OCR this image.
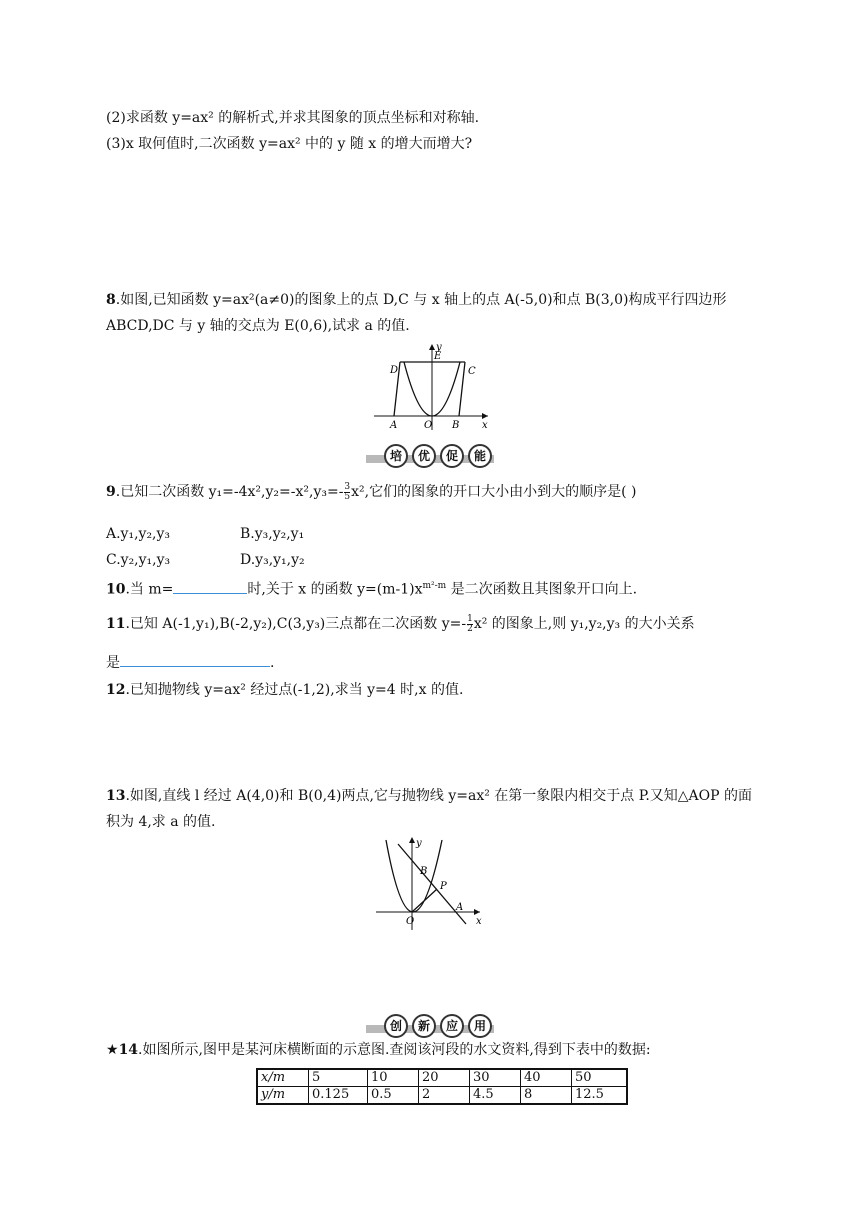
(2)求函数 y=ax² 的解析式,并求其图象的顶点坐标和对称轴.
(3)x 取何值时,二次函数 y=ax² 中的 y 随 x 的增大而增大?
8.如图,已知函数 y=ax²(a≠0)的图象上的点 D,C 与 x 轴上的点 A(-5,0)和点 B(3,0)构成平行四边形
ABCD,DC 与 y 轴的交点为 E(0,6),试求 a 的值.
y
x
A	O B
C
D
E
培	优	促	能
9.已知二次函数 $y_1=-4x^2,y_2=-x^2,y_3=- \frac{3}{5} x^2$,它们的图象的开口大小由小到大的顺序是( )
A.y₁,y₂,y₃	B.y₃,y₂,y₁
C.y₂,y₁,y₃	D.y₃,y₁,y₂
10.当 m=	时,关于 x 的函数 $y=(m-1)x^{m^2-m}$ 是二次函数且其图象开口向上.
11.已知 A(-1,y₁),B(-2,y₂),C(3,y₃)三点都在二次函数 $y=- \frac{1}{2} x^2$ 的图象上,则 y₁,y₂,y₃ 的大小关系
是	.
12.已知抛物线 y=ax² 经过点(-1,2),求当 y=4 时,x 的值.
13.如图,直线 l 经过 A(4,0)和 B(0,4)两点,它与抛物线 y=ax² 在第一象限内相交于点 P.又知△AOP 的面
积为 4,求 a 的值.
y
x
O
A
B
P
创	新	应	用
★14.如图所示,图甲是某河床横断面的示意图.查阅该河段的水文资料,得到下表中的数据:
x/m	5	10	20	30	40	50
y/m	0.125	0.5	2	4.5	8	12.5
